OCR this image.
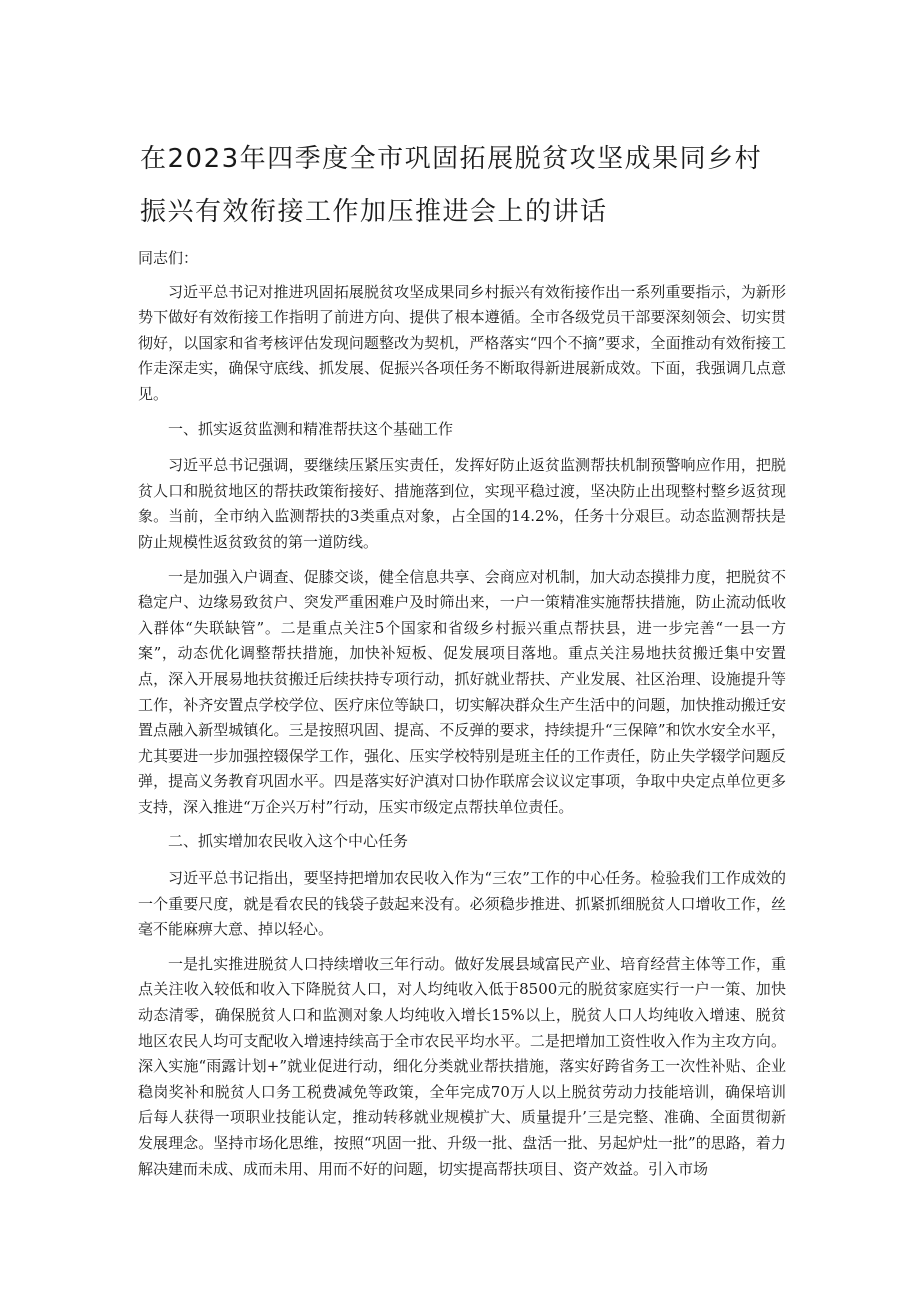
在2023年四季度全市巩固拓展脱贫攻坚成果同乡村
振兴有效衔接工作加压推进会上的讲话

同志们：

习近平总书记对推进巩固拓展脱贫攻坚成果同乡村振兴有效衔接作出一系列重要指示，为新形势下做好有效衔接工作指明了前进方向、提供了根本遵循。全市各级党员干部要深刻领会、切实贯彻好，以国家和省考核评估发现问题整改为契机，严格落实“四个不摘”要求，全面推动有效衔接工作走深走实，确保守底线、抓发展、促振兴各项任务不断取得新进展新成效。下面，我强调几点意见。

一、抓实返贫监测和精准帮扶这个基础工作

习近平总书记强调，要继续压紧压实责任，发挥好防止返贫监测帮扶机制预警响应作用，把脱贫人口和脱贫地区的帮扶政策衔接好、措施落到位，实现平稳过渡，坚决防止出现整村整乡返贫现象。当前，全市纳入监测帮扶的3类重点对象，占全国的14.2%，任务十分艰巨。动态监测帮扶是防止规模性返贫致贫的第一道防线。

一是加强入户调查、促膝交谈，健全信息共享、会商应对机制，加大动态摸排力度，把脱贫不稳定户、边缘易致贫户、突发严重困难户及时筛出来，一户一策精准实施帮扶措施，防止流动低收入群体“失联缺管”。二是重点关注5个国家和省级乡村振兴重点帮扶县，进一步完善“一县一方案”，动态优化调整帮扶措施，加快补短板、促发展项目落地。重点关注易地扶贫搬迁集中安置点，深入开展易地扶贫搬迁后续扶持专项行动，抓好就业帮扶、产业发展、社区治理、设施提升等工作，补齐安置点学校学位、医疗床位等缺口，切实解决群众生产生活中的问题，加快推动搬迁安置点融入新型城镇化。三是按照巩固、提高、不反弹的要求，持续提升“三保障”和饮水安全水平，尤其要进一步加强控辍保学工作，强化、压实学校特别是班主任的工作责任，防止失学辍学问题反弹，提高义务教育巩固水平。四是落实好沪滇对口协作联席会议议定事项，争取中央定点单位更多支持，深入推进“万企兴万村”行动，压实市级定点帮扶单位责任。

二、抓实增加农民收入这个中心任务

习近平总书记指出，要坚持把增加农民收入作为“三农”工作的中心任务。检验我们工作成效的一个重要尺度，就是看农民的钱袋子鼓起来没有。必须稳步推进、抓紧抓细脱贫人口增收工作，丝毫不能麻痹大意、掉以轻心。

一是扎实推进脱贫人口持续增收三年行动。做好发展县域富民产业、培育经营主体等工作，重点关注收入较低和收入下降脱贫人口，对人均纯收入低于8500元的脱贫家庭实行一户一策、加快动态清零，确保脱贫人口和监测对象人均纯收入增长15%以上，脱贫人口人均纯收入增速、脱贫地区农民人均可支配收入增速持续高于全市农民平均水平。二是把增加工资性收入作为主攻方向。深入实施“雨露计划+”就业促进行动，细化分类就业帮扶措施，落实好跨省务工一次性补贴、企业稳岗奖补和脱贫人口务工税费减免等政策，全年完成70万人以上脱贫劳动力技能培训，确保培训后每人获得一项职业技能认定，推动转移就业规模扩大、质量提升’三是完整、准确、全面贯彻新发展理念。坚持市场化思维，按照“巩固一批、升级一批、盘活一批、另起炉灶一批”的思路，着力解决建而未成、成而未用、用而不好的问题，切实提高帮扶项目、资产效益。引入市场
